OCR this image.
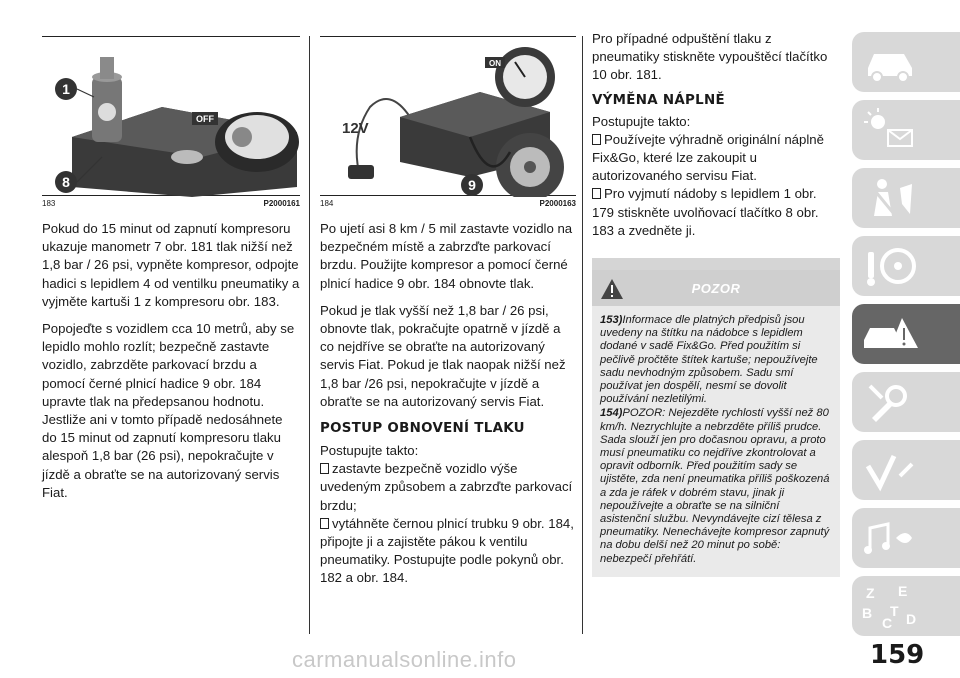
1
8
OFF
183	P2000161

Pokud do 15 minut od zapnutí kompresoru ukazuje manometr 7 obr. 181 tlak nižší než 1,8 bar / 26 psi, vypněte kompresor, odpojte hadici s lepidlem 4 od ventilku pneumatiky a vyjměte kartuši 1 z kompresoru obr. 183.

Popojeďte s vozidlem cca 10 metrů, aby se lepidlo mohlo rozlít; bezpečně zastavte vozidlo, zabrzděte parkovací brzdu a pomocí černé plnicí hadice 9 obr. 184 upravte tlak na předepsanou hodnotu. Jestliže ani v tomto případě nedosáhnete do 15 minut od zapnutí kompresoru tlaku alespoň 1,8 bar (26 psi), nepokračujte v jízdě a obraťte se na autorizovaný servis Fiat.

12V
ON
9
184	P2000163

Po ujetí asi 8 km / 5 mil zastavte vozidlo na bezpečném místě a zabrzďte parkovací brzdu. Použijte kompresor a pomocí černé plnicí hadice 9 obr. 184 obnovte tlak.

Pokud je tlak vyšší než 1,8 bar / 26 psi, obnovte tlak, pokračujte opatrně v jízdě a co nejdříve se obraťte na autorizovaný servis Fiat. Pokud je tlak naopak nižší než 1,8 bar /26 psi, nepokračujte v jízdě a obraťte se na autorizovaný servis Fiat.

POSTUP OBNOVENÍ TLAKU

Postupujte takto:

zastavte bezpečně vozidlo výše uvedeným způsobem a zabrzďte parkovací brzdu;
vytáhněte černou plnicí trubku 9 obr. 184, připojte ji a zajistěte pákou k ventilu pneumatiky. Postupujte podle pokynů obr. 182 a obr. 184.

Pro případné odpuštění tlaku z pneumatiky stiskněte vypouštěcí tlačítko 10 obr. 181.

VÝMĚNA NÁPLNĚ

Postupujte takto:

Používejte výhradně originální náplně Fix&Go, které lze zakoupit u autorizovaného servisu Fiat.
Pro vyjmutí nádoby s lepidlem 1 obr. 179 stiskněte uvolňovací tlačítko 8 obr. 183 a zvedněte ji.
POZOR

153)Informace dle platných předpisů jsou uvedeny na štítku na nádobce s lepidlem dodané v sadě Fix&Go. Před použitím si pečlivě pročtěte štítek kartuše; nepoužívejte sadu nevhodným způsobem. Sadu smí používat jen dospělí, nesmí se dovolit používání nezletilými.

154)POZOR: Nejezděte rychlostí vyšší než 80 km/h. Nezrychlujte a nebrzděte příliš prudce. Sada slouží jen pro dočasnou opravu, a proto musí pneumatiku co nejdříve zkontrolovat a opravit odborník. Před použitím sady se ujistěte, zda není pneumatika příliš poškozená a zda je ráfek v dobrém stavu, jinak ji nepoužívejte a obraťte se na silniční asistenční službu. Nevyndávejte cizí tělesa z pneumatiky. Nenechávejte kompresor zapnutý na dobu delší než 20 minut po sobě: nebezpečí přehřátí.

Z E
B
C
T D
159
carmanualsonline.info
